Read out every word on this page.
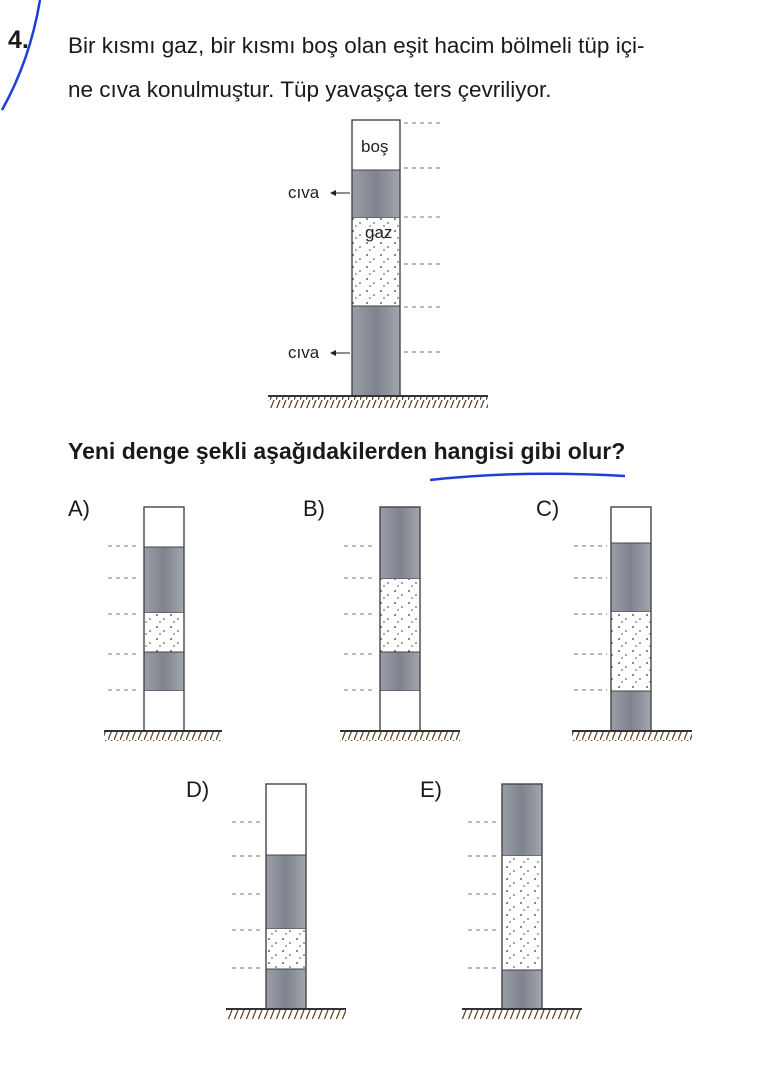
4. Bir kısmı gaz, bir kısmı boş olan eşit hacim bölmeli tüp içi-
ne cıva konulmuştur. Tüp yavaşça ters çevriliyor.
Yeni denge şekli aşağıdakilerden hangisi gibi olur?
A)	B)	C)
D)	E)
boş
gaz
cıva
cıva
